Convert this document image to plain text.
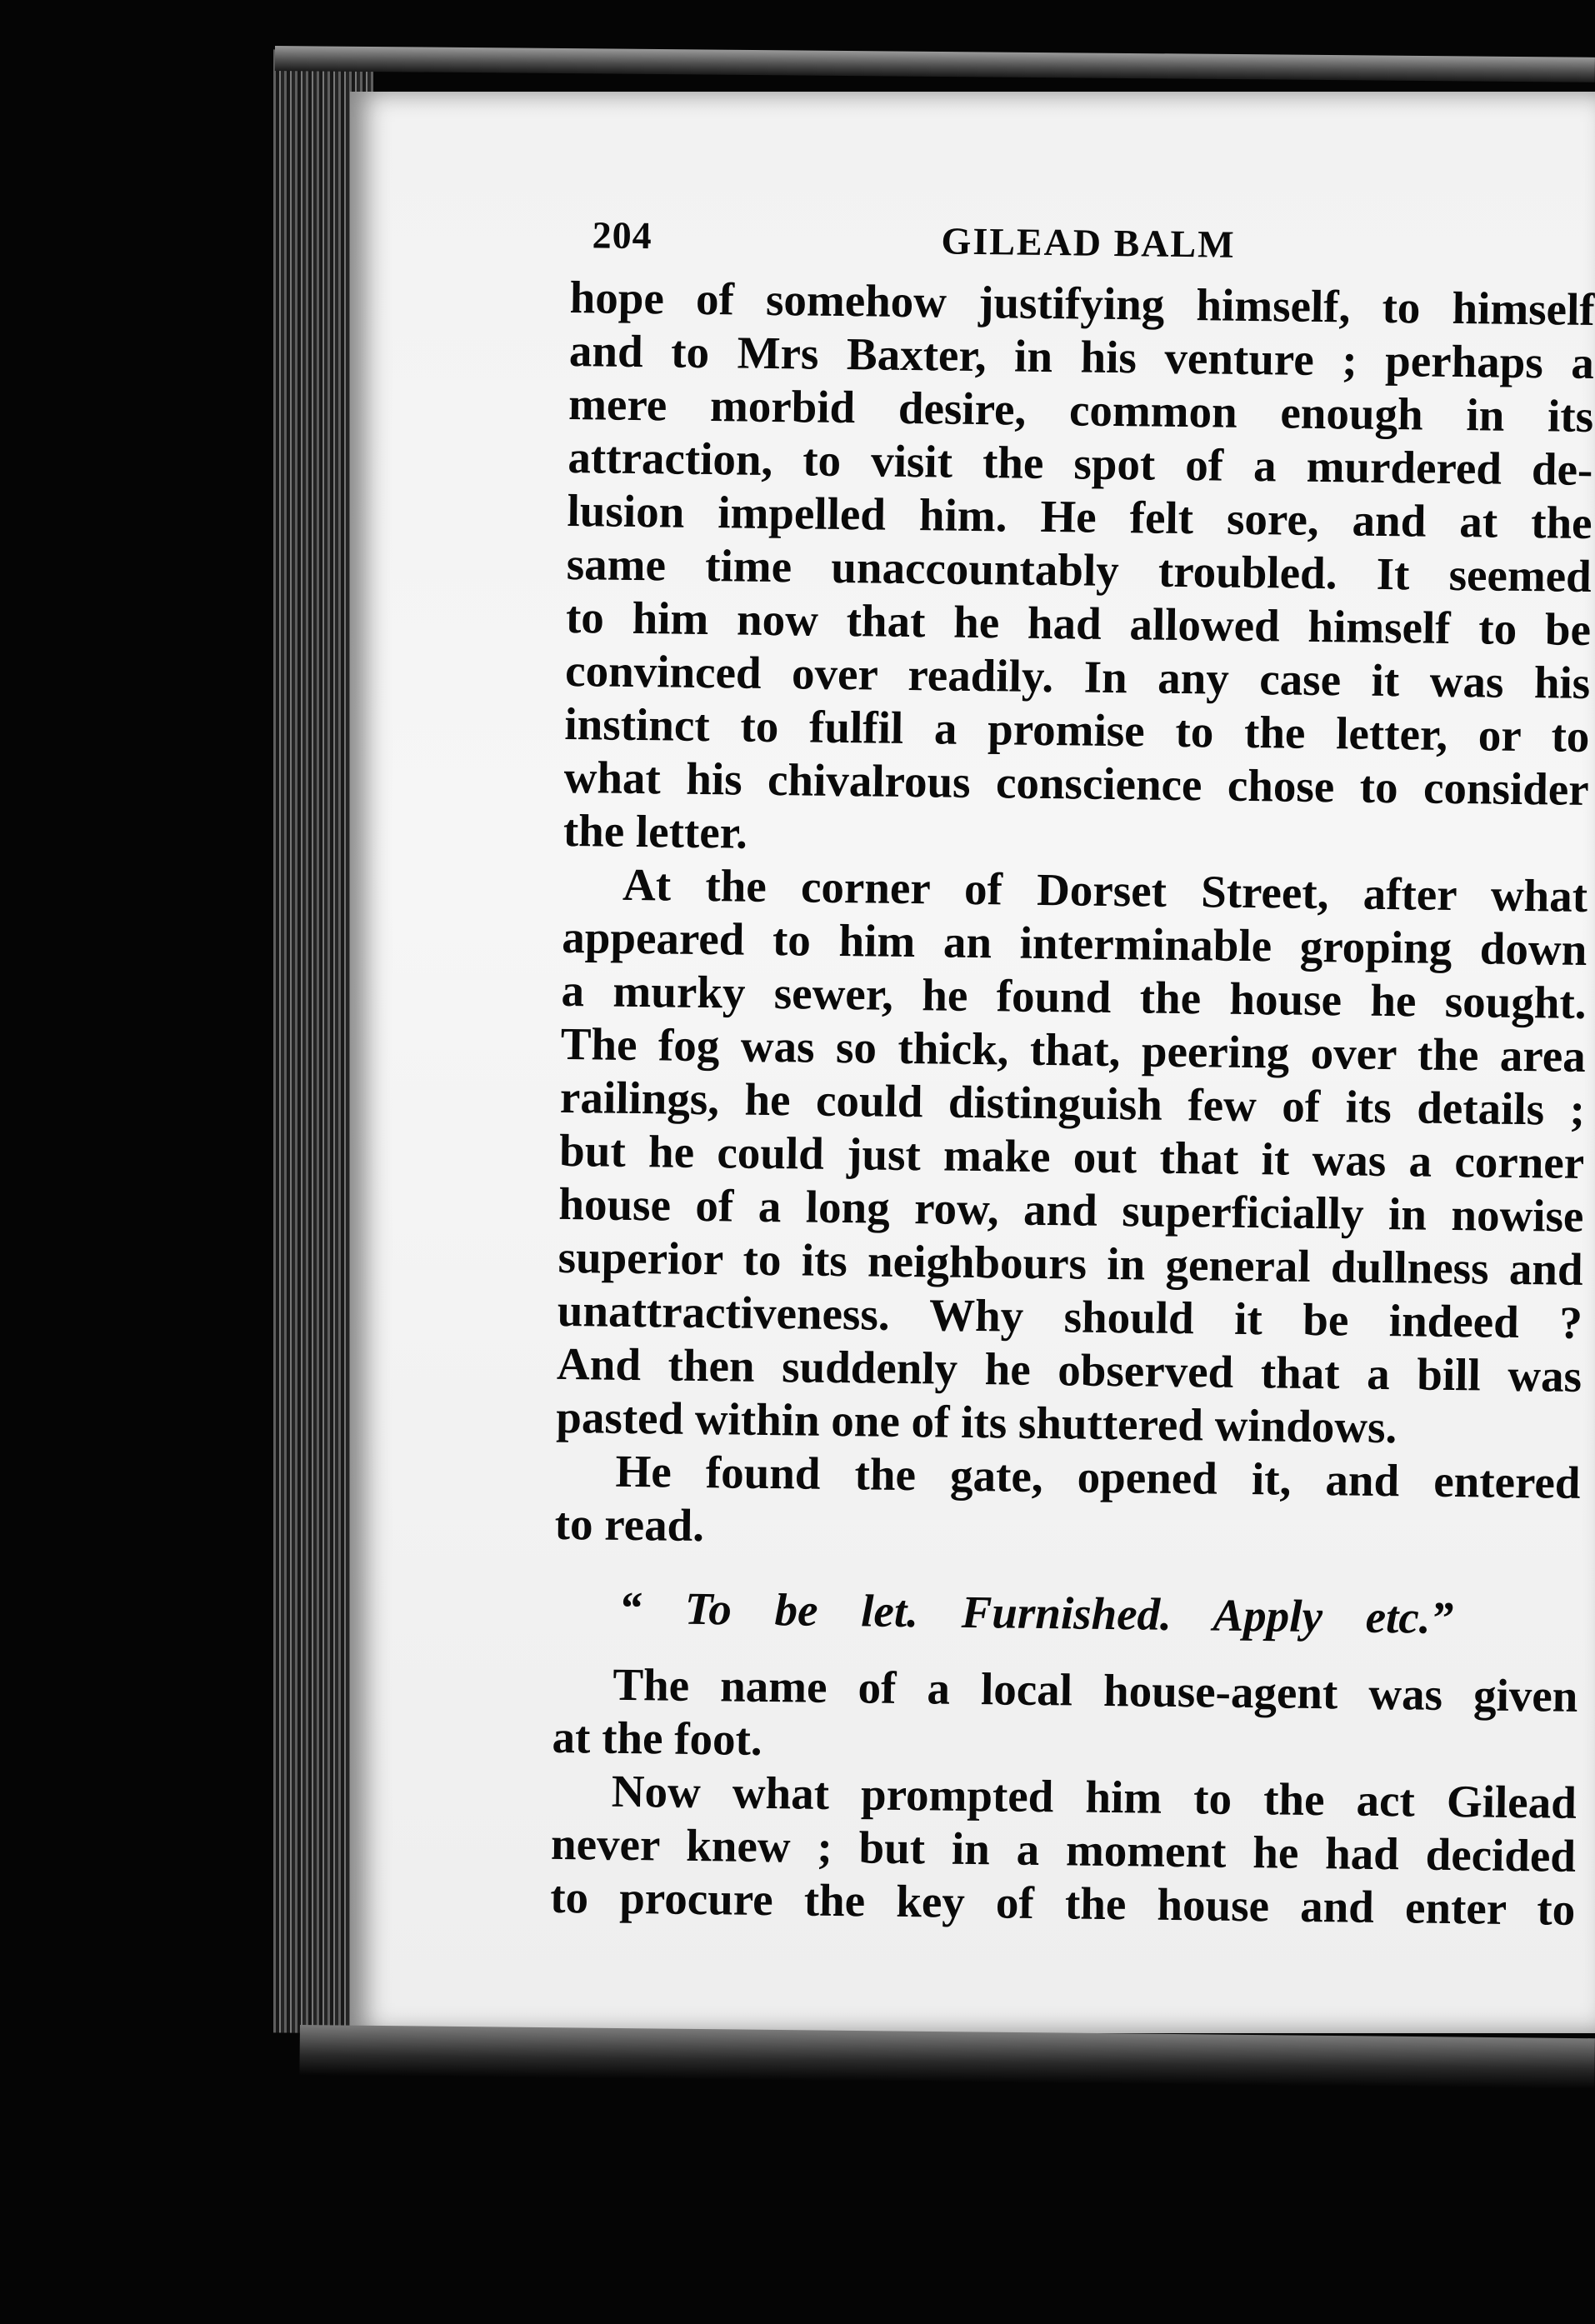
204	GILEAD BALM
hope of somehow justifying himself, to himself
and to Mrs Baxter, in his venture ; perhaps a
mere morbid desire, common enough in its
attraction, to visit the spot of a murdered de-
lusion impelled him. He felt sore, and at the
same time unaccountably troubled. It seemed
to him now that he had allowed himself to be
convinced over readily. In any case it was his
instinct to fulfil a promise to the letter, or to
what his chivalrous conscience chose to consider
the letter.
At the corner of Dorset Street, after what
appeared to him an interminable groping down
a murky sewer, he found the house he sought.
The fog was so thick, that, peering over the area
railings, he could distinguish few of its details ;
but he could just make out that it was a corner
house of a long row, and superficially in nowise
superior to its neighbours in general dullness and
unattractiveness. Why should it be indeed ?
And then suddenly he observed that a bill was
pasted within one of its shuttered windows.
He found the gate, opened it, and entered
to read.
“ To be let. Furnished. Apply etc.”
The name of a local house-agent was given
at the foot.
Now what prompted him to the act Gilead
never knew ; but in a moment he had decided
to procure the key of the house and enter to
